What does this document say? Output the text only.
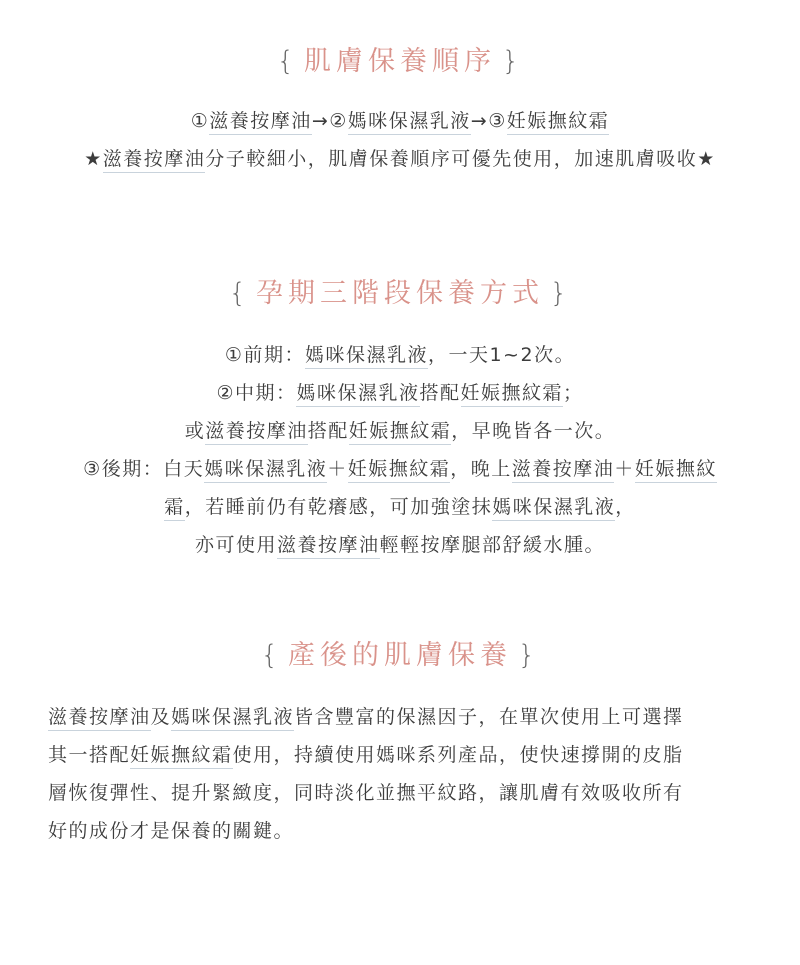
{ 肌膚保養順序 }
①滋養按摩油→②媽咪保濕乳液→③妊娠撫紋霜
★滋養按摩油分子較細小，肌膚保養順序可優先使用，加速肌膚吸收★
{ 孕期三階段保養方式 }
①前期：媽咪保濕乳液，一天1~2次。
②中期：媽咪保濕乳液搭配妊娠撫紋霜；
或滋養按摩油搭配妊娠撫紋霜，早晚皆各一次。
③後期：白天媽咪保濕乳液＋妊娠撫紋霜，晚上滋養按摩油＋妊娠撫紋
霜，若睡前仍有乾癢感，可加強塗抹媽咪保濕乳液，
亦可使用滋養按摩油輕輕按摩腿部舒緩水腫。
{ 產後的肌膚保養 }
滋養按摩油及媽咪保濕乳液皆含豐富的保濕因子，在單次使用上可選擇
其一搭配妊娠撫紋霜使用，持續使用媽咪系列產品，使快速撐開的皮脂
層恢復彈性、提升緊緻度，同時淡化並撫平紋路，讓肌膚有效吸收所有
好的成份才是保養的關鍵。
